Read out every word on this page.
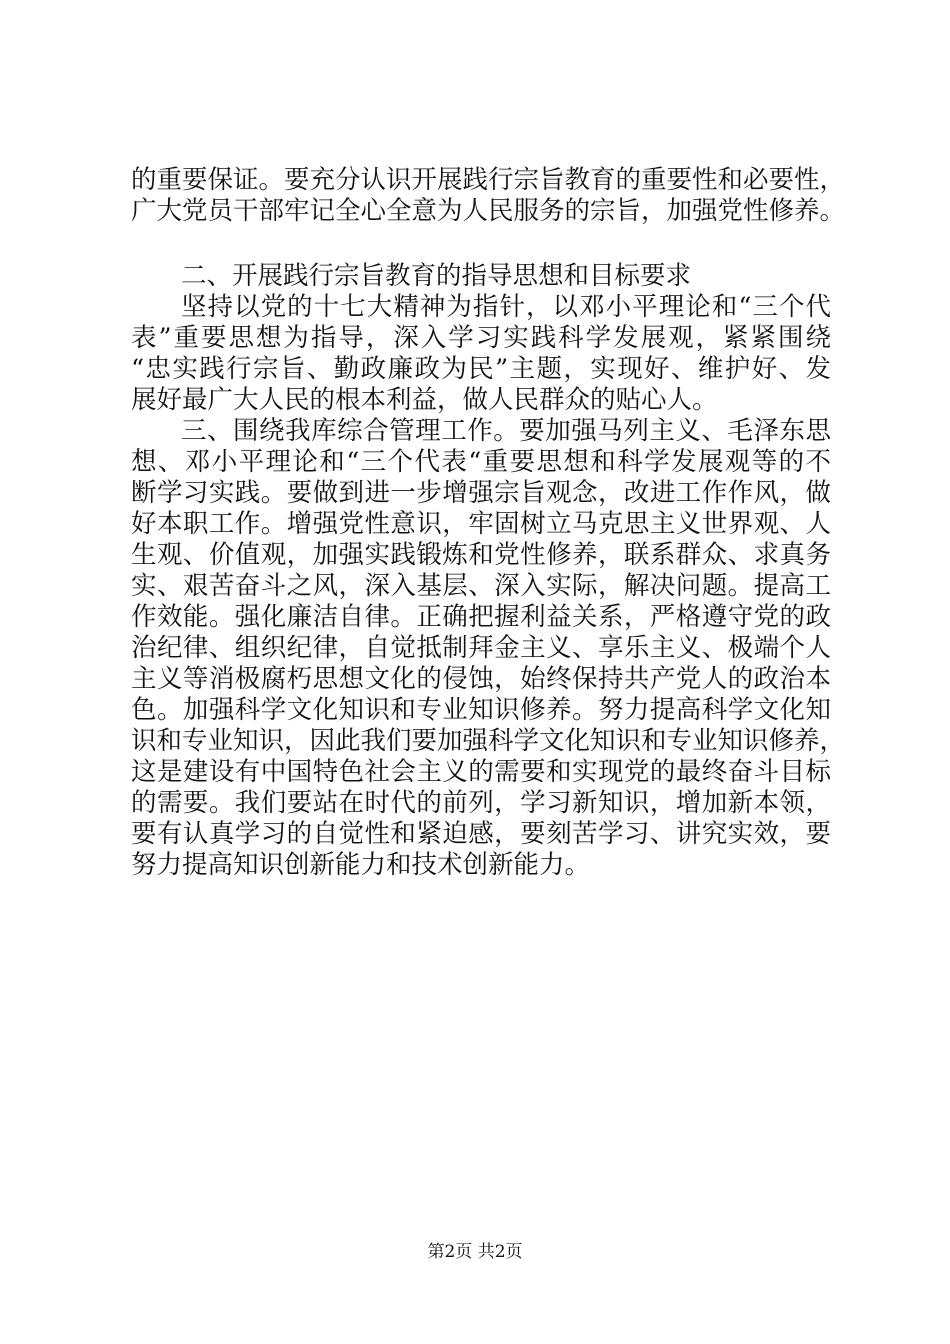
的重要保证。要充分认识开展践行宗旨教育的重要性和必要性，
广大党员干部牢记全心全意为人民服务的宗旨，加强党性修养。
二、开展践行宗旨教育的指导思想和目标要求
坚持以党的十七大精神为指针，以邓小平理论和“三个代
表”重要思想为指导，深入学习实践科学发展观，紧紧围绕
“忠实践行宗旨、勤政廉政为民”主题，实现好、维护好、发
展好最广大人民的根本利益，做人民群众的贴心人。
三、围绕我库综合管理工作。要加强马列主义、毛泽东思
想、邓小平理论和“三个代表“重要思想和科学发展观等的不
断学习实践。要做到进一步增强宗旨观念，改进工作作风，做
好本职工作。增强党性意识，牢固树立马克思主义世界观、人
生观、价值观，加强实践锻炼和党性修养，联系群众、求真务
实、艰苦奋斗之风，深入基层、深入实际，解决问题。提高工
作效能。强化廉洁自律。正确把握利益关系，严格遵守党的政
治纪律、组织纪律，自觉抵制拜金主义、享乐主义、极端个人
主义等消极腐朽思想文化的侵蚀，始终保持共产党人的政治本
色。加强科学文化知识和专业知识修养。努力提高科学文化知
识和专业知识，因此我们要加强科学文化知识和专业知识修养，
这是建设有中国特色社会主义的需要和实现党的最终奋斗目标
的需要。我们要站在时代的前列，学习新知识，增加新本领，
要有认真学习的自觉性和紧迫感，要刻苦学习、讲究实效，要
努力提高知识创新能力和技术创新能力。
第2页 共2页
